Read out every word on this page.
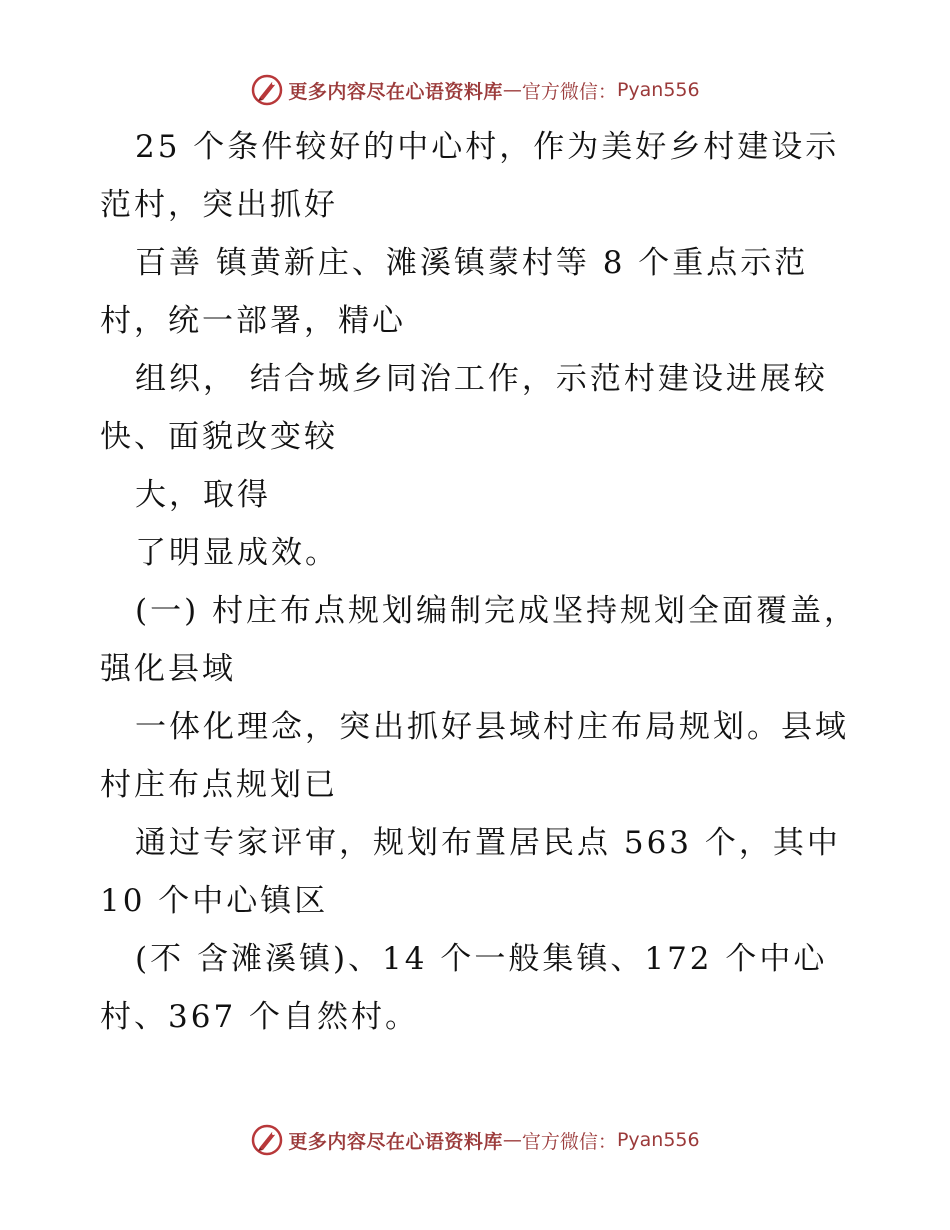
更多内容尽在心语资料库 — 官方微信： Pyan556
25 个条件较好的中心村，作为美好乡村建设示
范村，突出抓好
百善 镇黄新庄、滩溪镇蒙村等 8 个重点示范
村，统一部署，精心
组织， 结合城乡同治工作，示范村建设进展较
快、面貌改变较
大，取得
了明显成效。
(一) 村庄布点规划编制完成坚持规划全面覆盖，
强化县域
一体化理念，突出抓好县域村庄布局规划。县域
村庄布点规划已
通过专家评审，规划布置居民点 563 个，其中
10 个中心镇区
(不 含滩溪镇)、14 个一般集镇、172 个中心
村、367 个自然村。
更多内容尽在心语资料库 — 官方微信： Pyan556
